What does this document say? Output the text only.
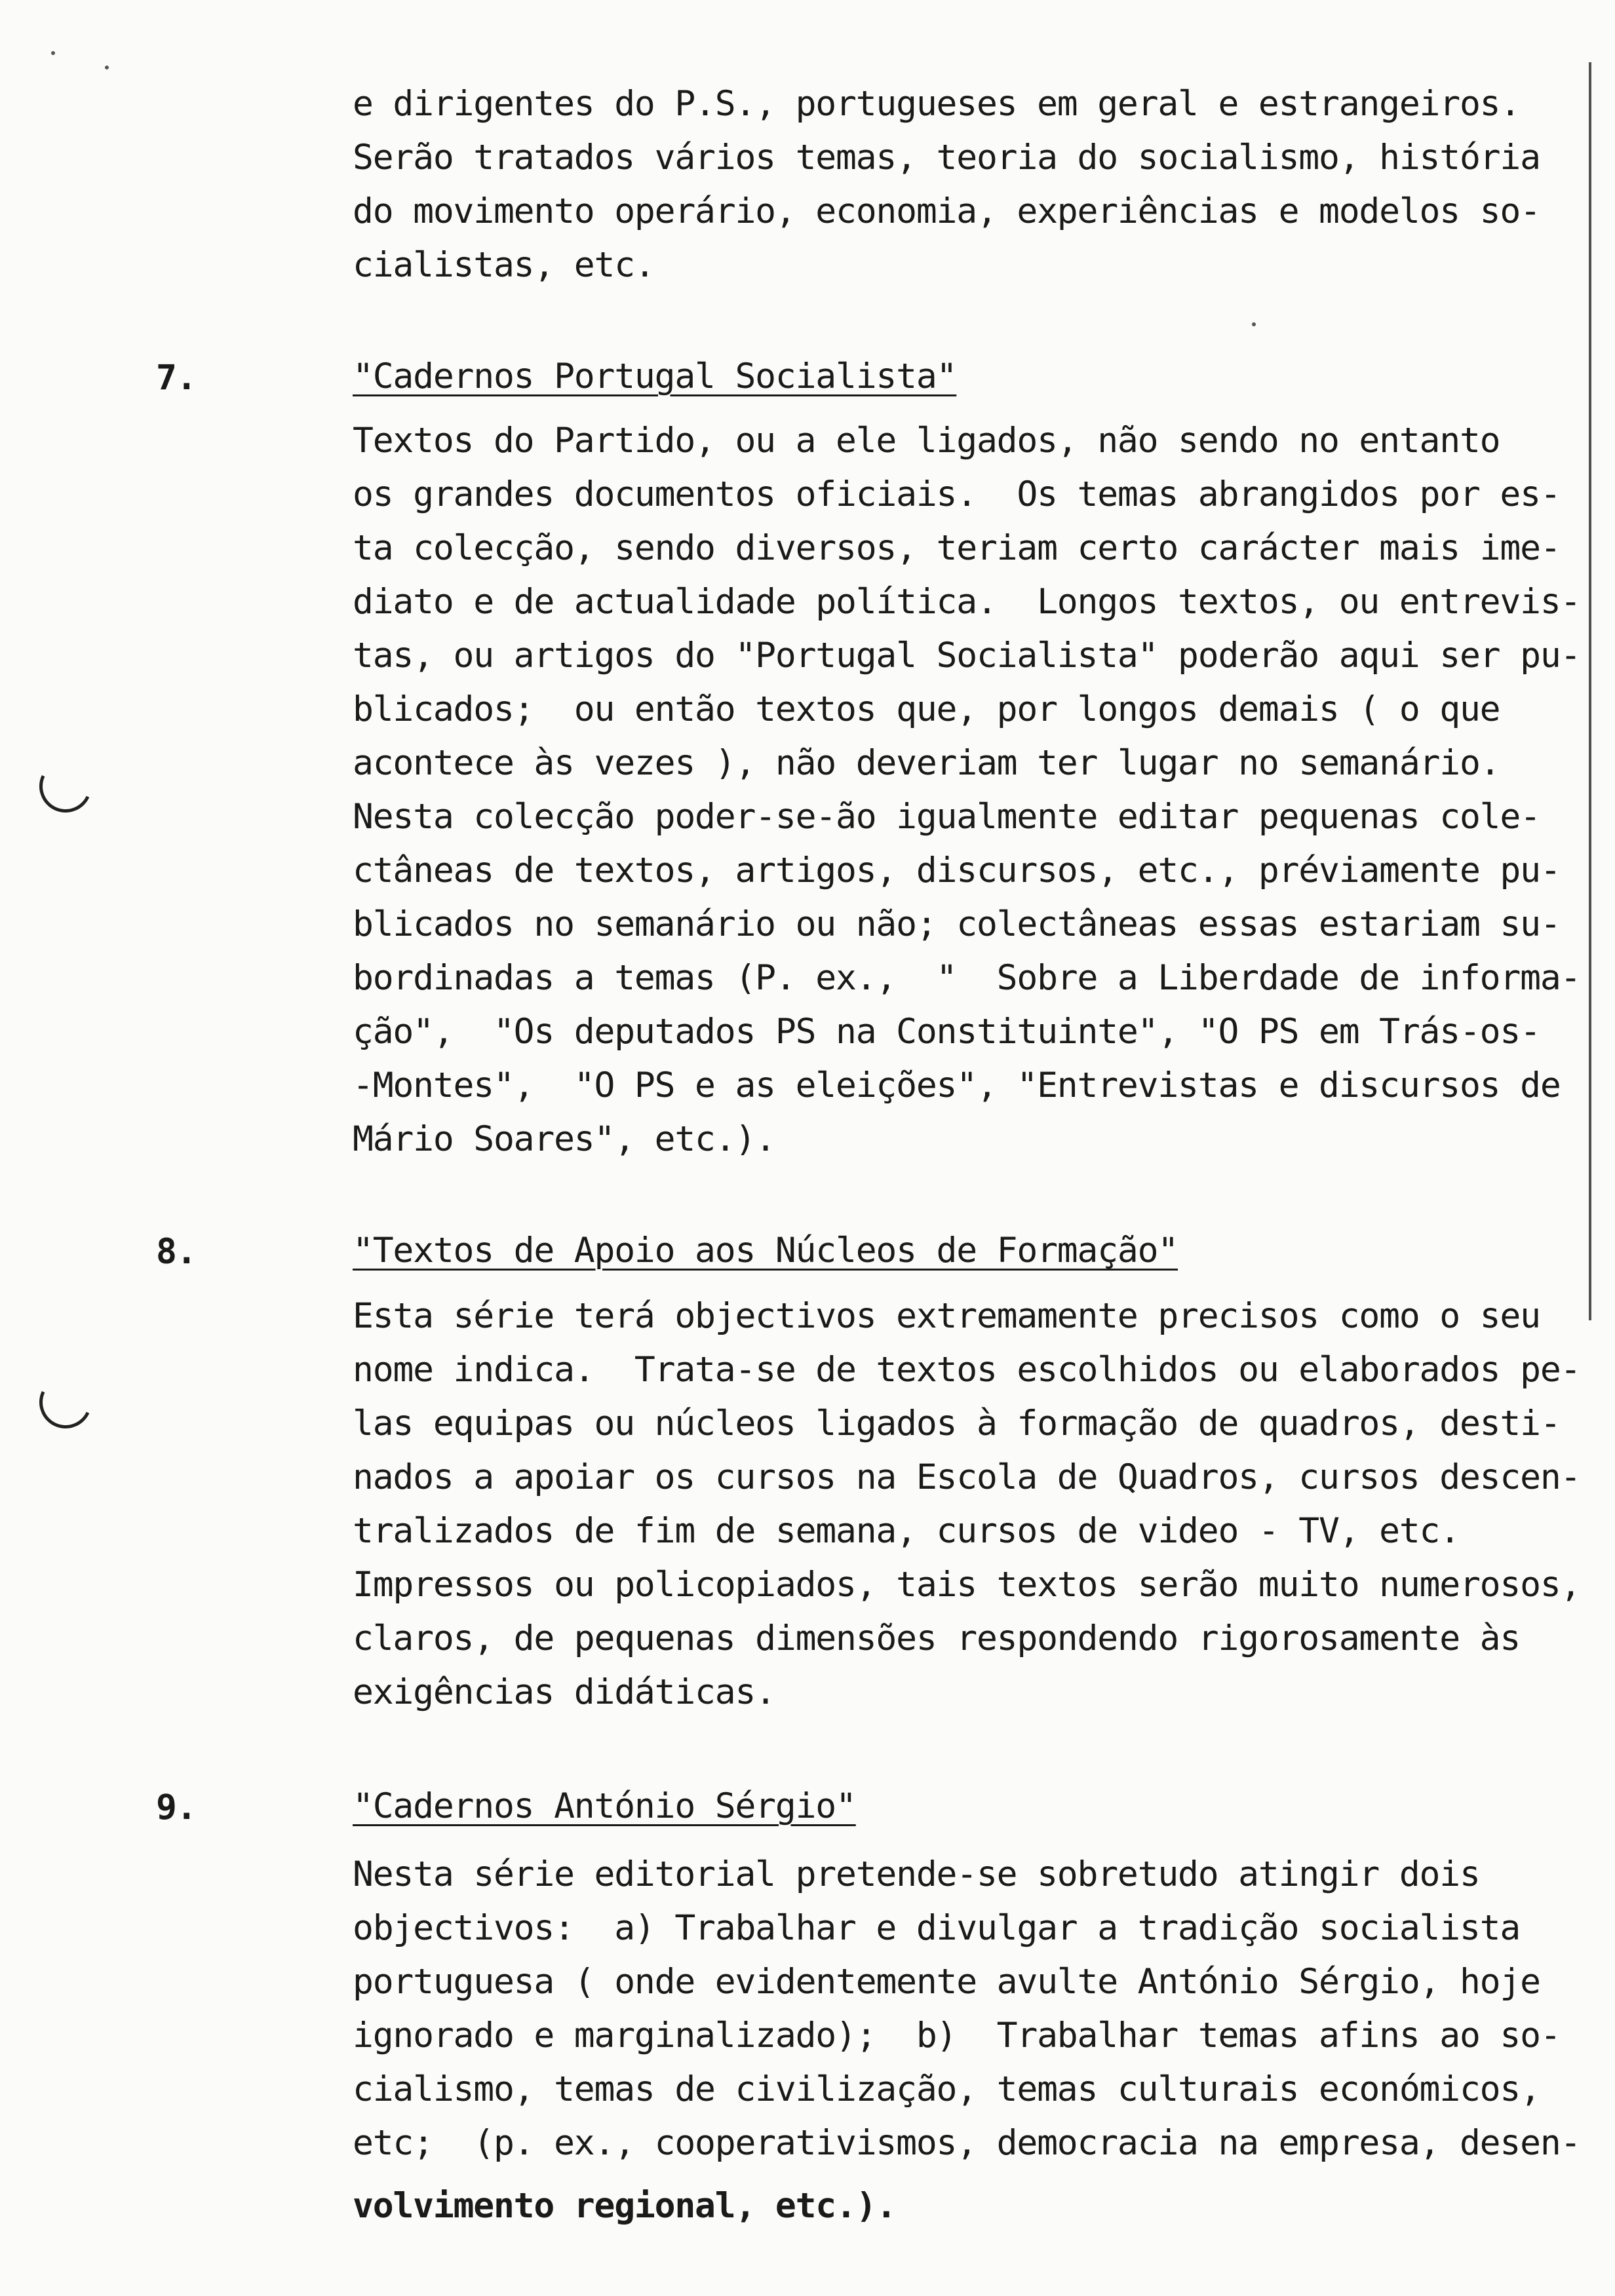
e dirigentes do P.S., portugueses em geral e estrangeiros.
Serão tratados vários temas, teoria do socialismo, história
do movimento operário, economia, experiências e modelos so-
cialistas, etc.
7.	"Cadernos Portugal Socialista"
Textos do Partido, ou a ele ligados, não sendo no entanto
os grandes documentos oficiais.  Os temas abrangidos por es-
ta colecção, sendo diversos, teriam certo carácter mais ime-
diato e de actualidade política.  Longos textos, ou entrevis-
tas, ou artigos do "Portugal Socialista" poderão aqui ser pu-
blicados;  ou então textos que, por longos demais ( o que
acontece às vezes ), não deveriam ter lugar no semanário.
Nesta colecção poder-se-ão igualmente editar pequenas cole-
ctâneas de textos, artigos, discursos, etc., préviamente pu-
blicados no semanário ou não; colectâneas essas estariam su-
bordinadas a temas (P. ex.,  "  Sobre a Liberdade de informa-
ção",  "Os deputados PS na Constituinte", "O PS em Trás-os-
-Montes",  "O PS e as eleições", "Entrevistas e discursos de
Mário Soares", etc.).
8.	"Textos de Apoio aos Núcleos de Formação"
Esta série terá objectivos extremamente precisos como o seu
nome indica.  Trata-se de textos escolhidos ou elaborados pe-
las equipas ou núcleos ligados à formação de quadros, desti-
nados a apoiar os cursos na Escola de Quadros, cursos descen-
tralizados de fim de semana, cursos de video - TV, etc.
Impressos ou policopiados, tais textos serão muito numerosos,
claros, de pequenas dimensões respondendo rigorosamente às
exigências didáticas.
9.	"Cadernos António Sérgio"
Nesta série editorial pretende-se sobretudo atingir dois
objectivos:  a) Trabalhar e divulgar a tradição socialista
portuguesa ( onde evidentemente avulte António Sérgio, hoje
ignorado e marginalizado);  b)  Trabalhar temas afins ao so-
cialismo, temas de civilização, temas culturais económicos,
etc;  (p. ex., cooperativismos, democracia na empresa, desen-
volvimento regional, etc.).
